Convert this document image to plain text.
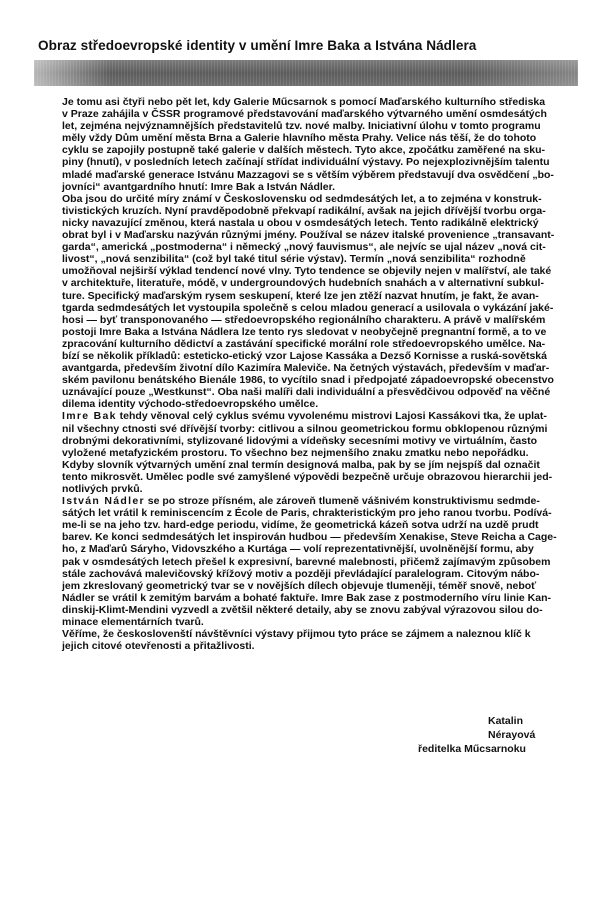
Obraz středoevropské identity v umění Imre Baka a Istvána Nádlera

Je tomu asi čtyři nebo pět let, kdy Galerie Műcsarnok s pomocí Maďarského kulturního střediska
v Praze zahájila v ČSSR programové představování maďarského výtvarného umění osmdesátých
let, zejména nejvýznamnějších představitelů tzv. nové malby. Iniciativní úlohu v tomto programu
měly vždy Dům umění města Brna a Galerie hlavního města Prahy. Velice nás těší, že do tohoto
cyklu se zapojily postupně také galerie v dalších městech. Tyto akce, zpočátku zaměřené na sku-
piny (hnutí), v posledních letech začínají střídat individuální výstavy. Po nejexplozivnějším talentu
mladé maďarské generace Istvánu Mazzagovi se s větším výběrem představují dva osvědčení „bo-
jovníci“ avantgardního hnutí: Imre Bak a István Nádler.

Oba jsou do určité míry známí v Československu od sedmdesátých let, a to zejména v konstruk-
tivistických kruzích. Nyní pravděpodobně překvapí radikální, avšak na jejich dřívější tvorbu orga-
nicky navazující změnou, která nastala u obou v osmdesátých letech. Tento radikálně elektrický
obrat byl i v Maďarsku nazýván různými jmény. Používal se název italské provenience „transavant-
garda“, americká „postmoderna“ i německý „nový fauvismus“, ale nejvíc se ujal název „nová cit-
livost“, „nová senzibilita“ (což byl také titul série výstav). Termín „nová senzibilita“ rozhodně
umožňoval nejširší výklad tendencí nové vlny. Tyto tendence se objevily nejen v malířství, ale také
v architektuře, literatuře, módě, v undergroundových hudebních snahách a v alternativní subkul-
ture. Specifický maďarským rysem seskupení, které lze jen ztěží nazvat hnutím, je fakt, že avan-
tgarda sedmdesátých let vystoupila společně s celou mladou generací a usilovala o vykázání jaké-
hosi — byť transponovaného — středoevropského regionálního charakteru. A právě v malířském
postoji Imre Baka a Istvána Nádlera lze tento rys sledovat v neobyčejně pregnantní formě, a to ve
zpracování kulturního dědictví a zastávání specifické morální role středoevropského umělce. Na-
bízí se několik příkladů: esteticko-etický vzor Lajose Kassáka a Dezső Kornisse a ruská-sovětská
avantgarda, především životní dílo Kazimíra Maleviče. Na četných výstavách, především v maďar-
ském pavilonu benátského Bienále 1986, to vycítilo snad i předpojaté západoevropské obecenstvo
uznávající pouze „Westkunst“. Oba naši malíři dali individuální a přesvědčivou odpověď na věčné
dilema identity východo-středoevropského umělce.

Imre Bak tehdy věnoval celý cyklus svému vyvolenému mistrovi Lajosi Kassákovi tka, že uplat-
nil všechny ctnosti své dřívější tvorby: citlivou a silnou geometrickou formu obklopenou různými
drobnými dekorativními, stylizované lidovými a vídeňsky secesními motivy ve virtuálním, často
vyložené metafyzickém prostoru. To všechno bez nejmenšího znaku zmatku nebo nepořádku.
Kdyby slovník výtvarných umění znal termín designová malba, pak by se jím nejspíš dal označit
tento mikrosvět. Umělec podle své zamyšlené výpovědi bezpečně určuje obrazovou hierarchii jed-
notlivých prvků.

István Nádler se po stroze přísném, ale zároveň tlumeně vášnivém konstruktivismu sedmde-
sátých let vrátil k reminiscencím z École de Paris, chrakteristickým pro jeho ranou tvorbu. Podívá-
me-li se na jeho tzv. hard-edge periodu, vidíme, že geometrická kázeň sotva udrží na uzdě prudt
barev. Ke konci sedmdesátých let inspirován hudbou — především Xenakise, Steve Reicha a Cage-
ho, z Maďarů Sáryho, Vidovszkého a Kurtága — volí reprezentativnější, uvolněnější formu, aby
pak v osmdesátých letech přešel k expresivní, barevné malebnosti, přičemž zajímavým způsobem
stále zachovává malevičovský křížový motiv a později převládající paralelogram. Citovým nábo-
jem zkreslovaný geometrický tvar se v novějších dílech objevuje tlumeněji, téměř snově, neboť
Nádler se vrátil k zemitým barvám a bohaté faktuře. Imre Bak zase z postmoderního víru linie Kan-
dinskij-Klimt-Mendini vyzvedl a zvětšil některé detaily, aby se znovu zabýval výrazovou silou do-
minace elementárních tvarů.

Věříme, že českoslovenští návštěvníci výstavy přijmou tyto práce se zájmem a naleznou klíč k
jejich citové otevřenosti a přitažlivosti.

Katalin Nérayová
ředitelka Műcsarnoku
